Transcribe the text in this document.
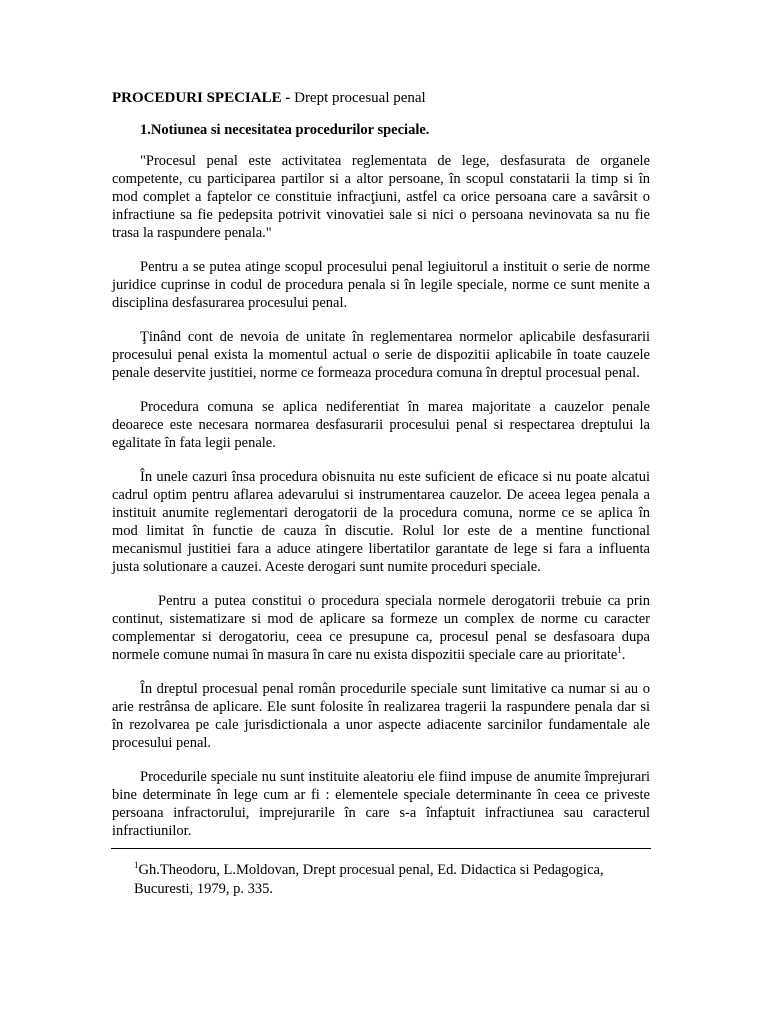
PROCEDURI SPECIALE - Drept procesual penal
1.Notiunea si necesitatea procedurilor speciale.

"Procesul penal este activitatea reglementata de lege, desfasurata de organele competente, cu participarea partilor si a altor persoane, în scopul constatarii la timp si în mod complet a faptelor ce constituie infracţiuni, astfel ca orice persoana care a savârsit o infractiune sa fie pedepsita potrivit vinovatiei sale si nici o persoana nevinovata sa nu fie trasa la raspundere penala."

Pentru a se putea atinge scopul procesului penal legiuitorul a instituit o serie de norme juridice cuprinse in codul de procedura penala si în legile speciale, norme ce sunt menite a disciplina desfasurarea procesului penal.

Ţinând cont de nevoia de unitate în reglementarea normelor aplicabile desfasurarii procesului penal exista la momentul actual o serie de dispozitii aplicabile în toate cauzele penale deservite justitiei, norme ce formeaza procedura comuna în dreptul procesual penal.

Procedura comuna se aplica nediferentiat în marea majoritate a cauzelor penale deoarece este necesara normarea desfasurarii procesului penal si respectarea dreptului la egalitate în fata legii penale.

În unele cazuri însa procedura obisnuita nu este suficient de eficace si nu poate alcatui cadrul optim pentru aflarea adevarului si instrumentarea cauzelor. De aceea legea penala a instituit anumite reglementari derogatorii de la procedura comuna, norme ce se aplica în mod limitat în functie de cauza în discutie. Rolul lor este de a mentine functional mecanismul justitiei fara a aduce atingere libertatilor garantate de lege si fara a influenta justa solutionare a cauzei. Aceste derogari sunt numite proceduri speciale.

Pentru a putea constitui o procedura speciala normele derogatorii trebuie ca prin continut, sistematizare si mod de aplicare sa formeze un complex de norme cu caracter complementar si derogatoriu, ceea ce presupune ca, procesul penal se desfasoara dupa normele comune numai în masura în care nu exista dispozitii speciale care au prioritate$^1$.

În dreptul procesual penal român procedurile speciale sunt limitative ca numar si au o arie restrânsa de aplicare. Ele sunt folosite în realizarea tragerii la raspundere penala dar si în rezolvarea pe cale jurisdictionala a unor aspecte adiacente sarcinilor fundamentale ale procesului penal.

Procedurile speciale nu sunt instituite aleatoriu ele fiind impuse de anumite împrejurari bine determinate în lege cum ar fi : elementele speciale determinante în ceea ce priveste persoana infractorului, imprejurarile în care s-a înfaptuit infractiunea sau caracterul infractiunilor.

$^1$Gh.Theodoru, L.Moldovan, Drept procesual penal, Ed. Didactica si Pedagogica, Bucuresti, 1979, p. 335.
